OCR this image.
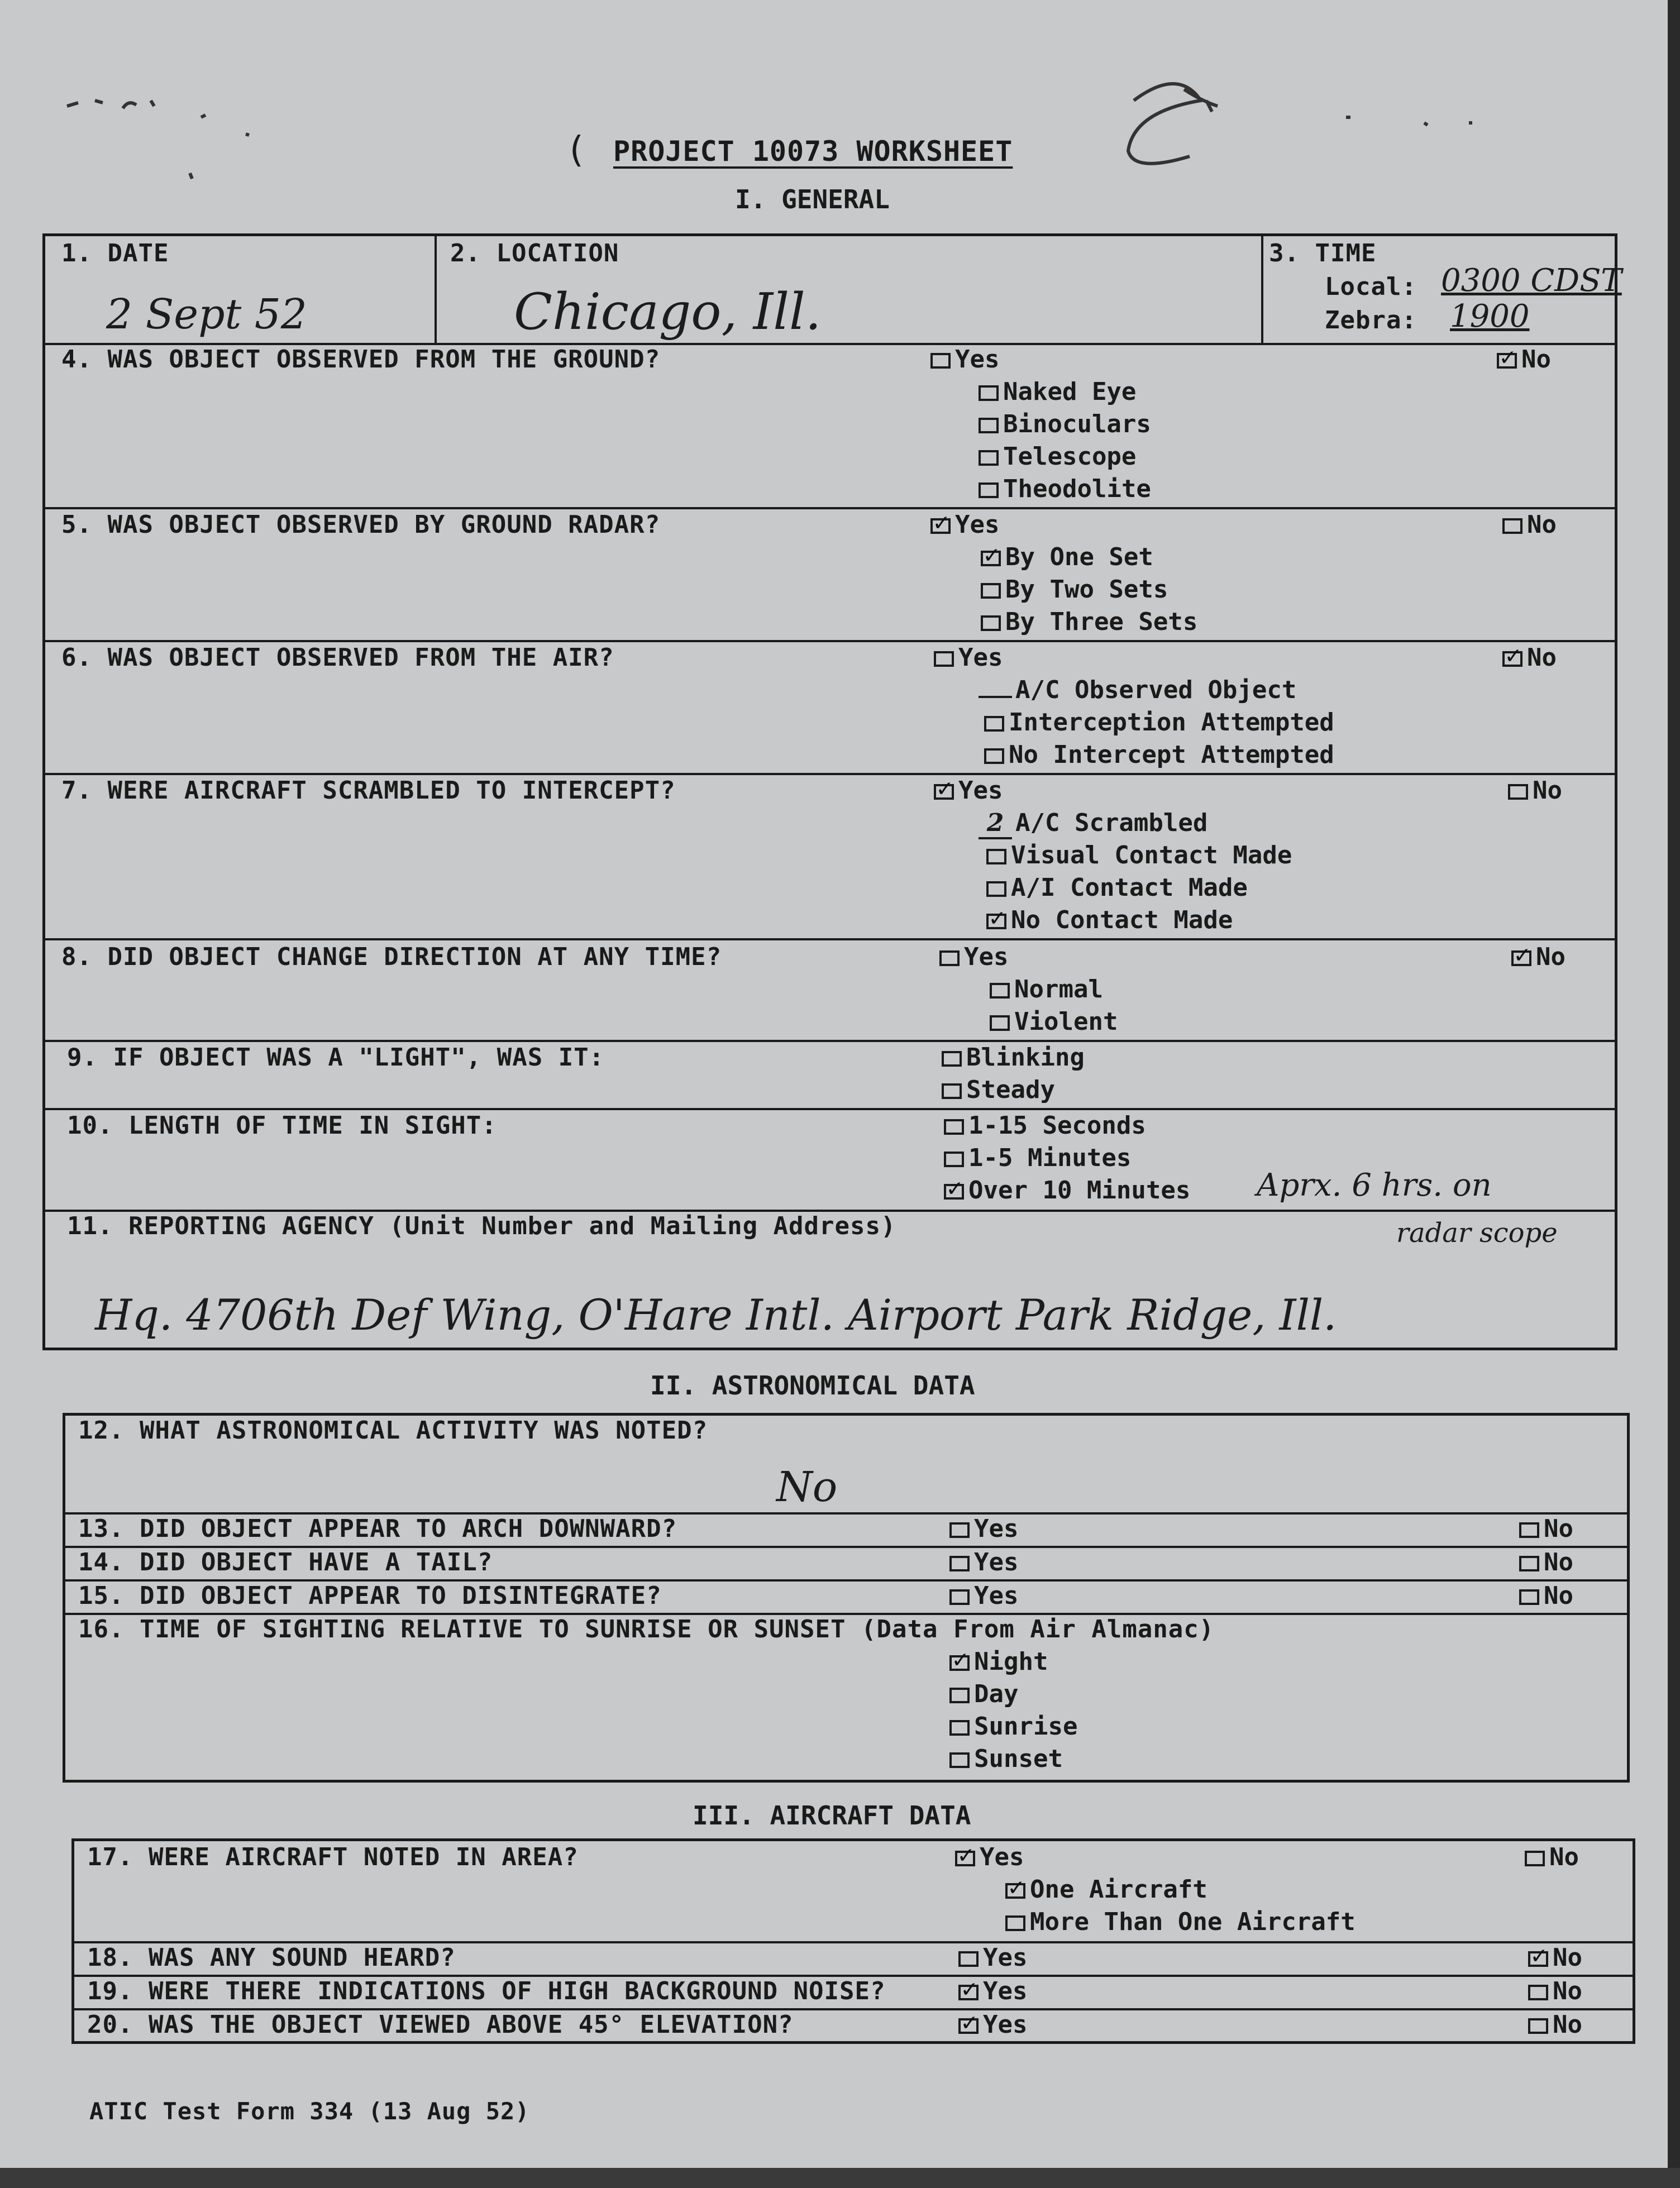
( PROJECT 10073 WORKSHEET
I. GENERAL
1. DATE
2 Sept 52
2. LOCATION
Chicago, Ill.
3. TIME
Local: 0300 CDST
Zebra: 1900
4. WAS OBJECT OBSERVED FROM THE GROUND?	Yes ✓	No
Naked Eye
Binoculars
Telescope
Theodolite
5. WAS OBJECT OBSERVED BY GROUND RADAR? ✓	Yes	No
✓By One Set
By Two Sets
By Three Sets
6. WAS OBJECT OBSERVED FROM THE AIR?	Yes ✓	No
A/C Observed Object
Interception Attempted
No Intercept Attempted
7. WERE AIRCRAFT SCRAMBLED TO INTERCEPT? ✓	Yes	No
2 A/C Scrambled
Visual Contact Made
A/I Contact Made
✓No Contact Made
8. DID OBJECT CHANGE DIRECTION AT ANY TIME?	Yes ✓	No
Normal
Violent
9. IF OBJECT WAS A "LIGHT", WAS IT:	Blinking
Steady
10. LENGTH OF TIME IN SIGHT:	1-15 Seconds
1-5 Minutes
✓Over 10 Minutes Aprx. 6 hrs. on
radar scope
11. REPORTING AGENCY (Unit Number and Mailing Address)
Hq. 4706th Def Wing, O'Hare Intl. Airport Park Ridge, Ill.
II. ASTRONOMICAL DATA
12. WHAT ASTRONOMICAL ACTIVITY WAS NOTED?
No
13. DID OBJECT APPEAR TO ARCH DOWNWARD?	Yes	No
14. DID OBJECT HAVE A TAIL?	Yes	No
15. DID OBJECT APPEAR TO DISINTEGRATE?	Yes	No
16. TIME OF SIGHTING RELATIVE TO SUNRISE OR SUNSET (Data From Air Almanac)
✓Night
Day
Sunrise
Sunset
III. AIRCRAFT DATA
17. WERE AIRCRAFT NOTED IN AREA? ✓	Yes	No
✓One Aircraft
More Than One Aircraft
18. WAS ANY SOUND HEARD?	Yes ✓	No
19. WERE THERE INDICATIONS OF HIGH BACKGROUND NOISE? ✓	Yes	No
20. WAS THE OBJECT VIEWED ABOVE 45° ELEVATION? ✓	Yes	No
ATIC Test Form 334 (13 Aug 52)
